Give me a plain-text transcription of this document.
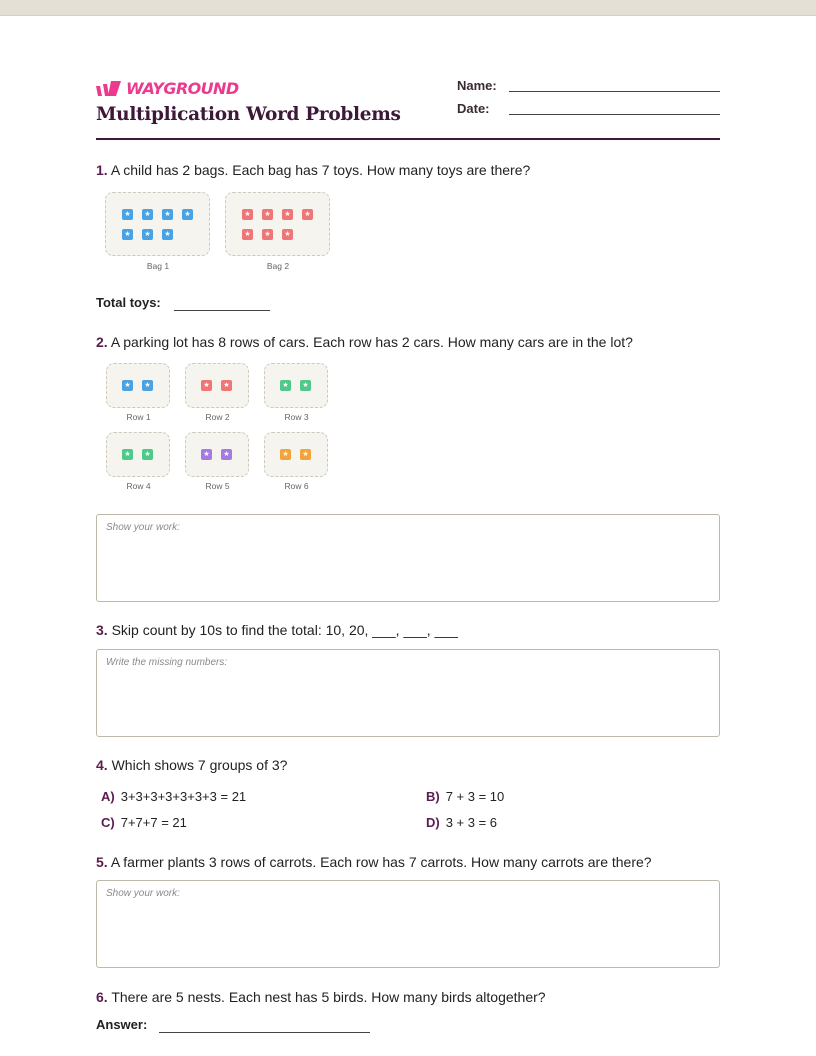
WAYGROUND
Multiplication Word Problems
Name:
Date:
1. A child has 2 bags. Each bag has 7 toys. How many toys are there?
★	★	★	★
★	★	★
Bag 1
★	★	★	★
★	★	★
Bag 2
Total toys:
2. A parking lot has 8 rows of cars. Each row has 2 cars. How many cars are in the lot?
★	★
Row 1
★	★
Row 2
★	★
Row 3
★	★
Row 4
★	★
Row 5
★	★
Row 6
Show your work:
3. Skip count by 10s to find the total: 10, 20, ___, ___, ___
Write the missing numbers:
4. Which shows 7 groups of 3?
A) 3+3+3+3+3+3+3 = 21	B) 7 + 3 = 10
C) 7+7+7 = 21	D) 3 + 3 = 6
5. A farmer plants 3 rows of carrots. Each row has 7 carrots. How many carrots are there?
Show your work:
6. There are 5 nests. Each nest has 5 birds. How many birds altogether?
Answer:
